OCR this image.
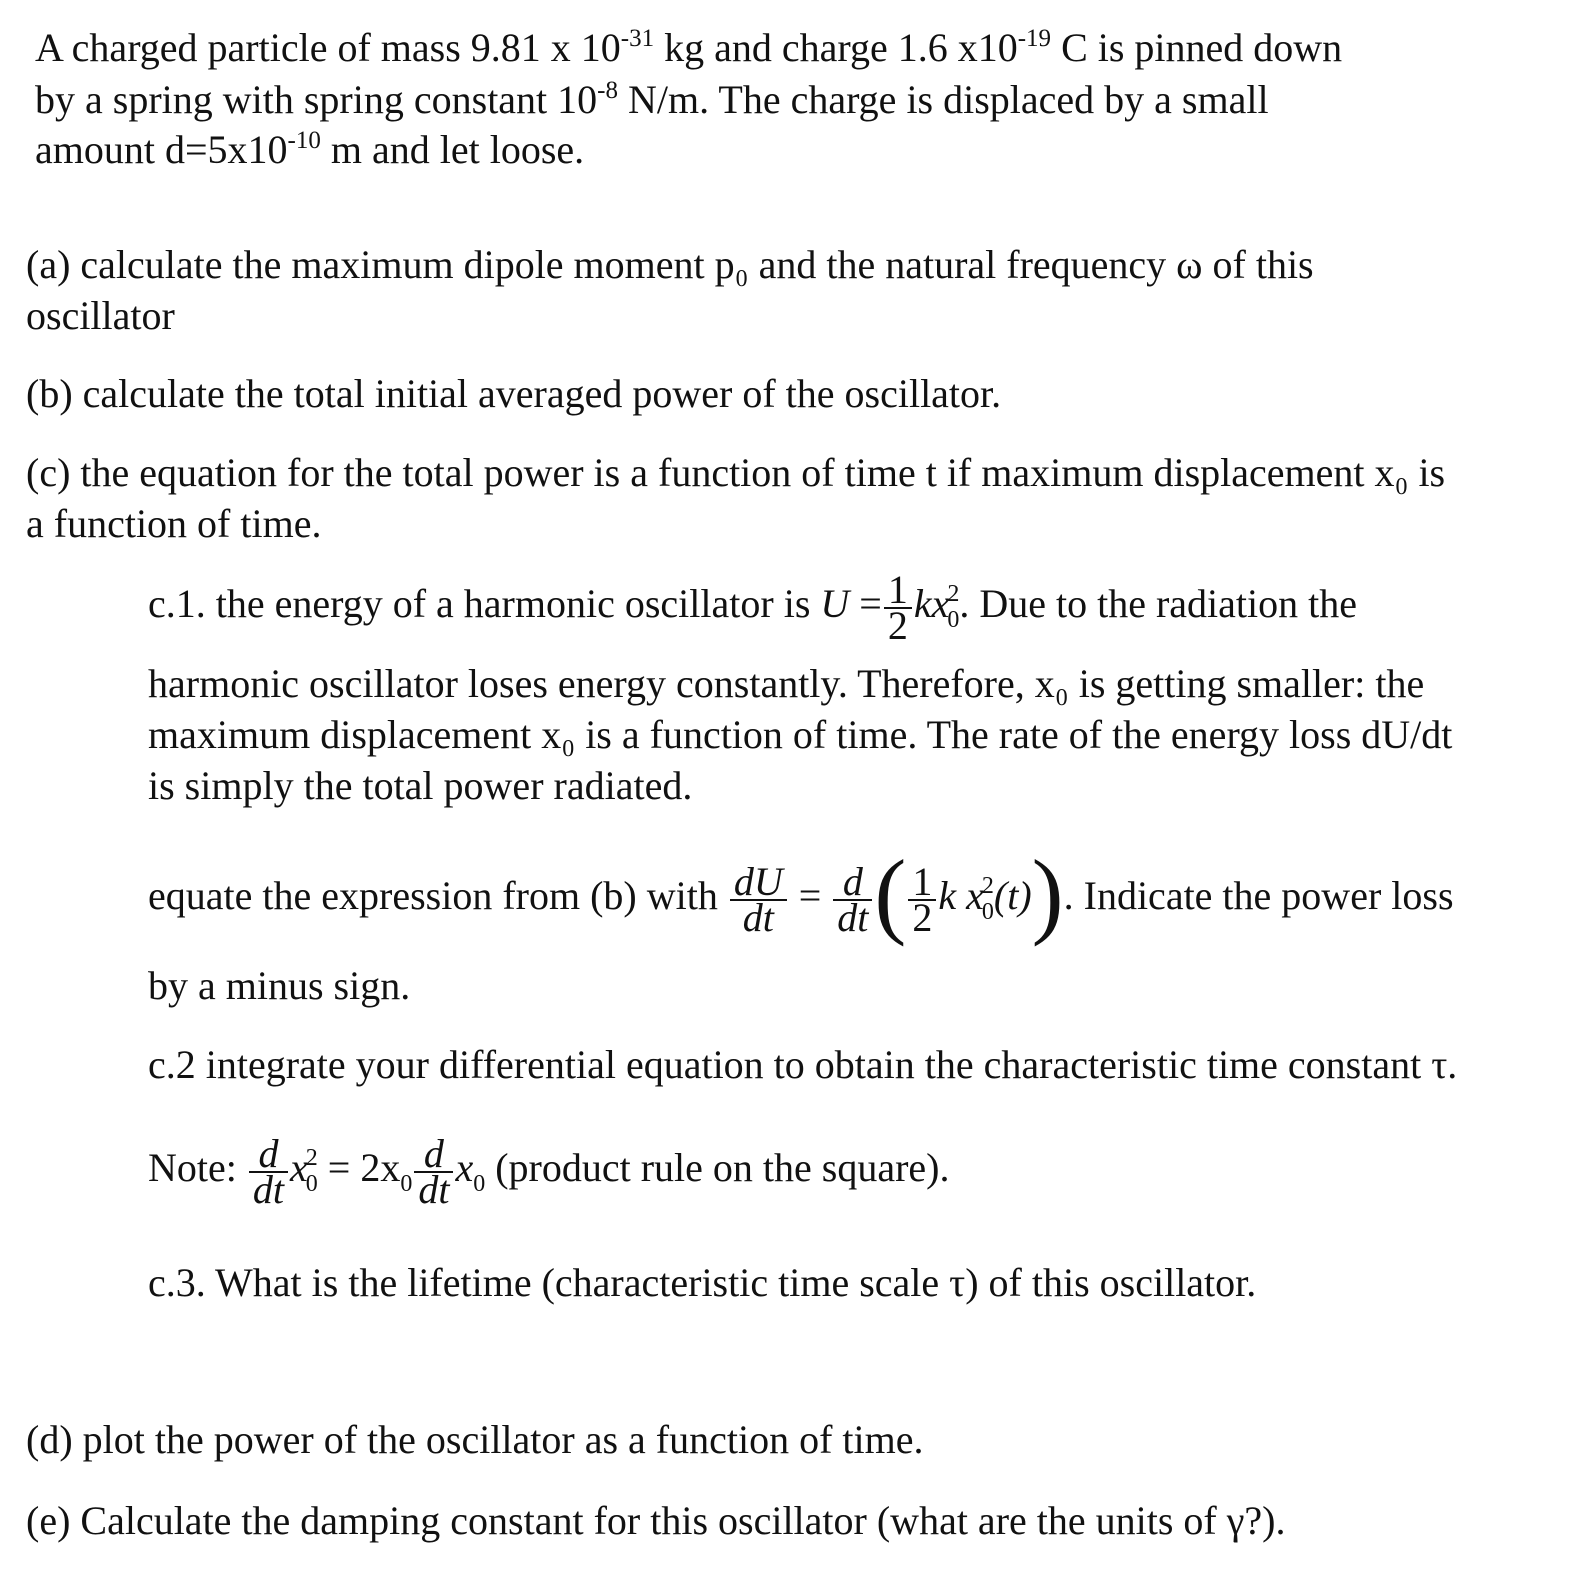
A charged particle of mass 9.81 x $10^{-31}$ kg and charge 1.6 $x10^{-19}$ C is pinned down
by a spring with spring constant $10^{-8}$ N/m. The charge is displaced by a small
amount $d=5x10^{-10}$ m and let loose.
(a) calculate the maximum dipole moment p₀ and the natural frequency ω of this
oscillator
(b) calculate the total initial averaged power of the oscillator.
(c) the equation for the total power is a function of time t if maximum displacement x₀ is
a function of time.
c.1. the energy of a harmonic oscillator is $U = \frac{1}{2} kx^2_0$. Due to the radiation the
harmonic oscillator loses energy constantly. Therefore, x₀ is getting smaller: the
maximum displacement x₀ is a function of time. The rate of the energy loss dU/dt
is simply the total power radiated.
equate the expression from (b) with $\frac{dU}{dt} = \frac{d}{dt}$ ( $\frac{1}{2}$ k $x^2_0(t)$). Indicate the power loss
by a minus sign.
c.2 integrate your differential equation to obtain the characteristic time constant τ.
Note: $\frac{d}{dt} x^2_0 = 2x_0 \frac{d}{dt} x_0$ (product rule on the square).
c.3. What is the lifetime (characteristic time scale τ) of this oscillator.
(d) plot the power of the oscillator as a function of time.
(e) Calculate the damping constant for this oscillator (what are the units of γ?).
